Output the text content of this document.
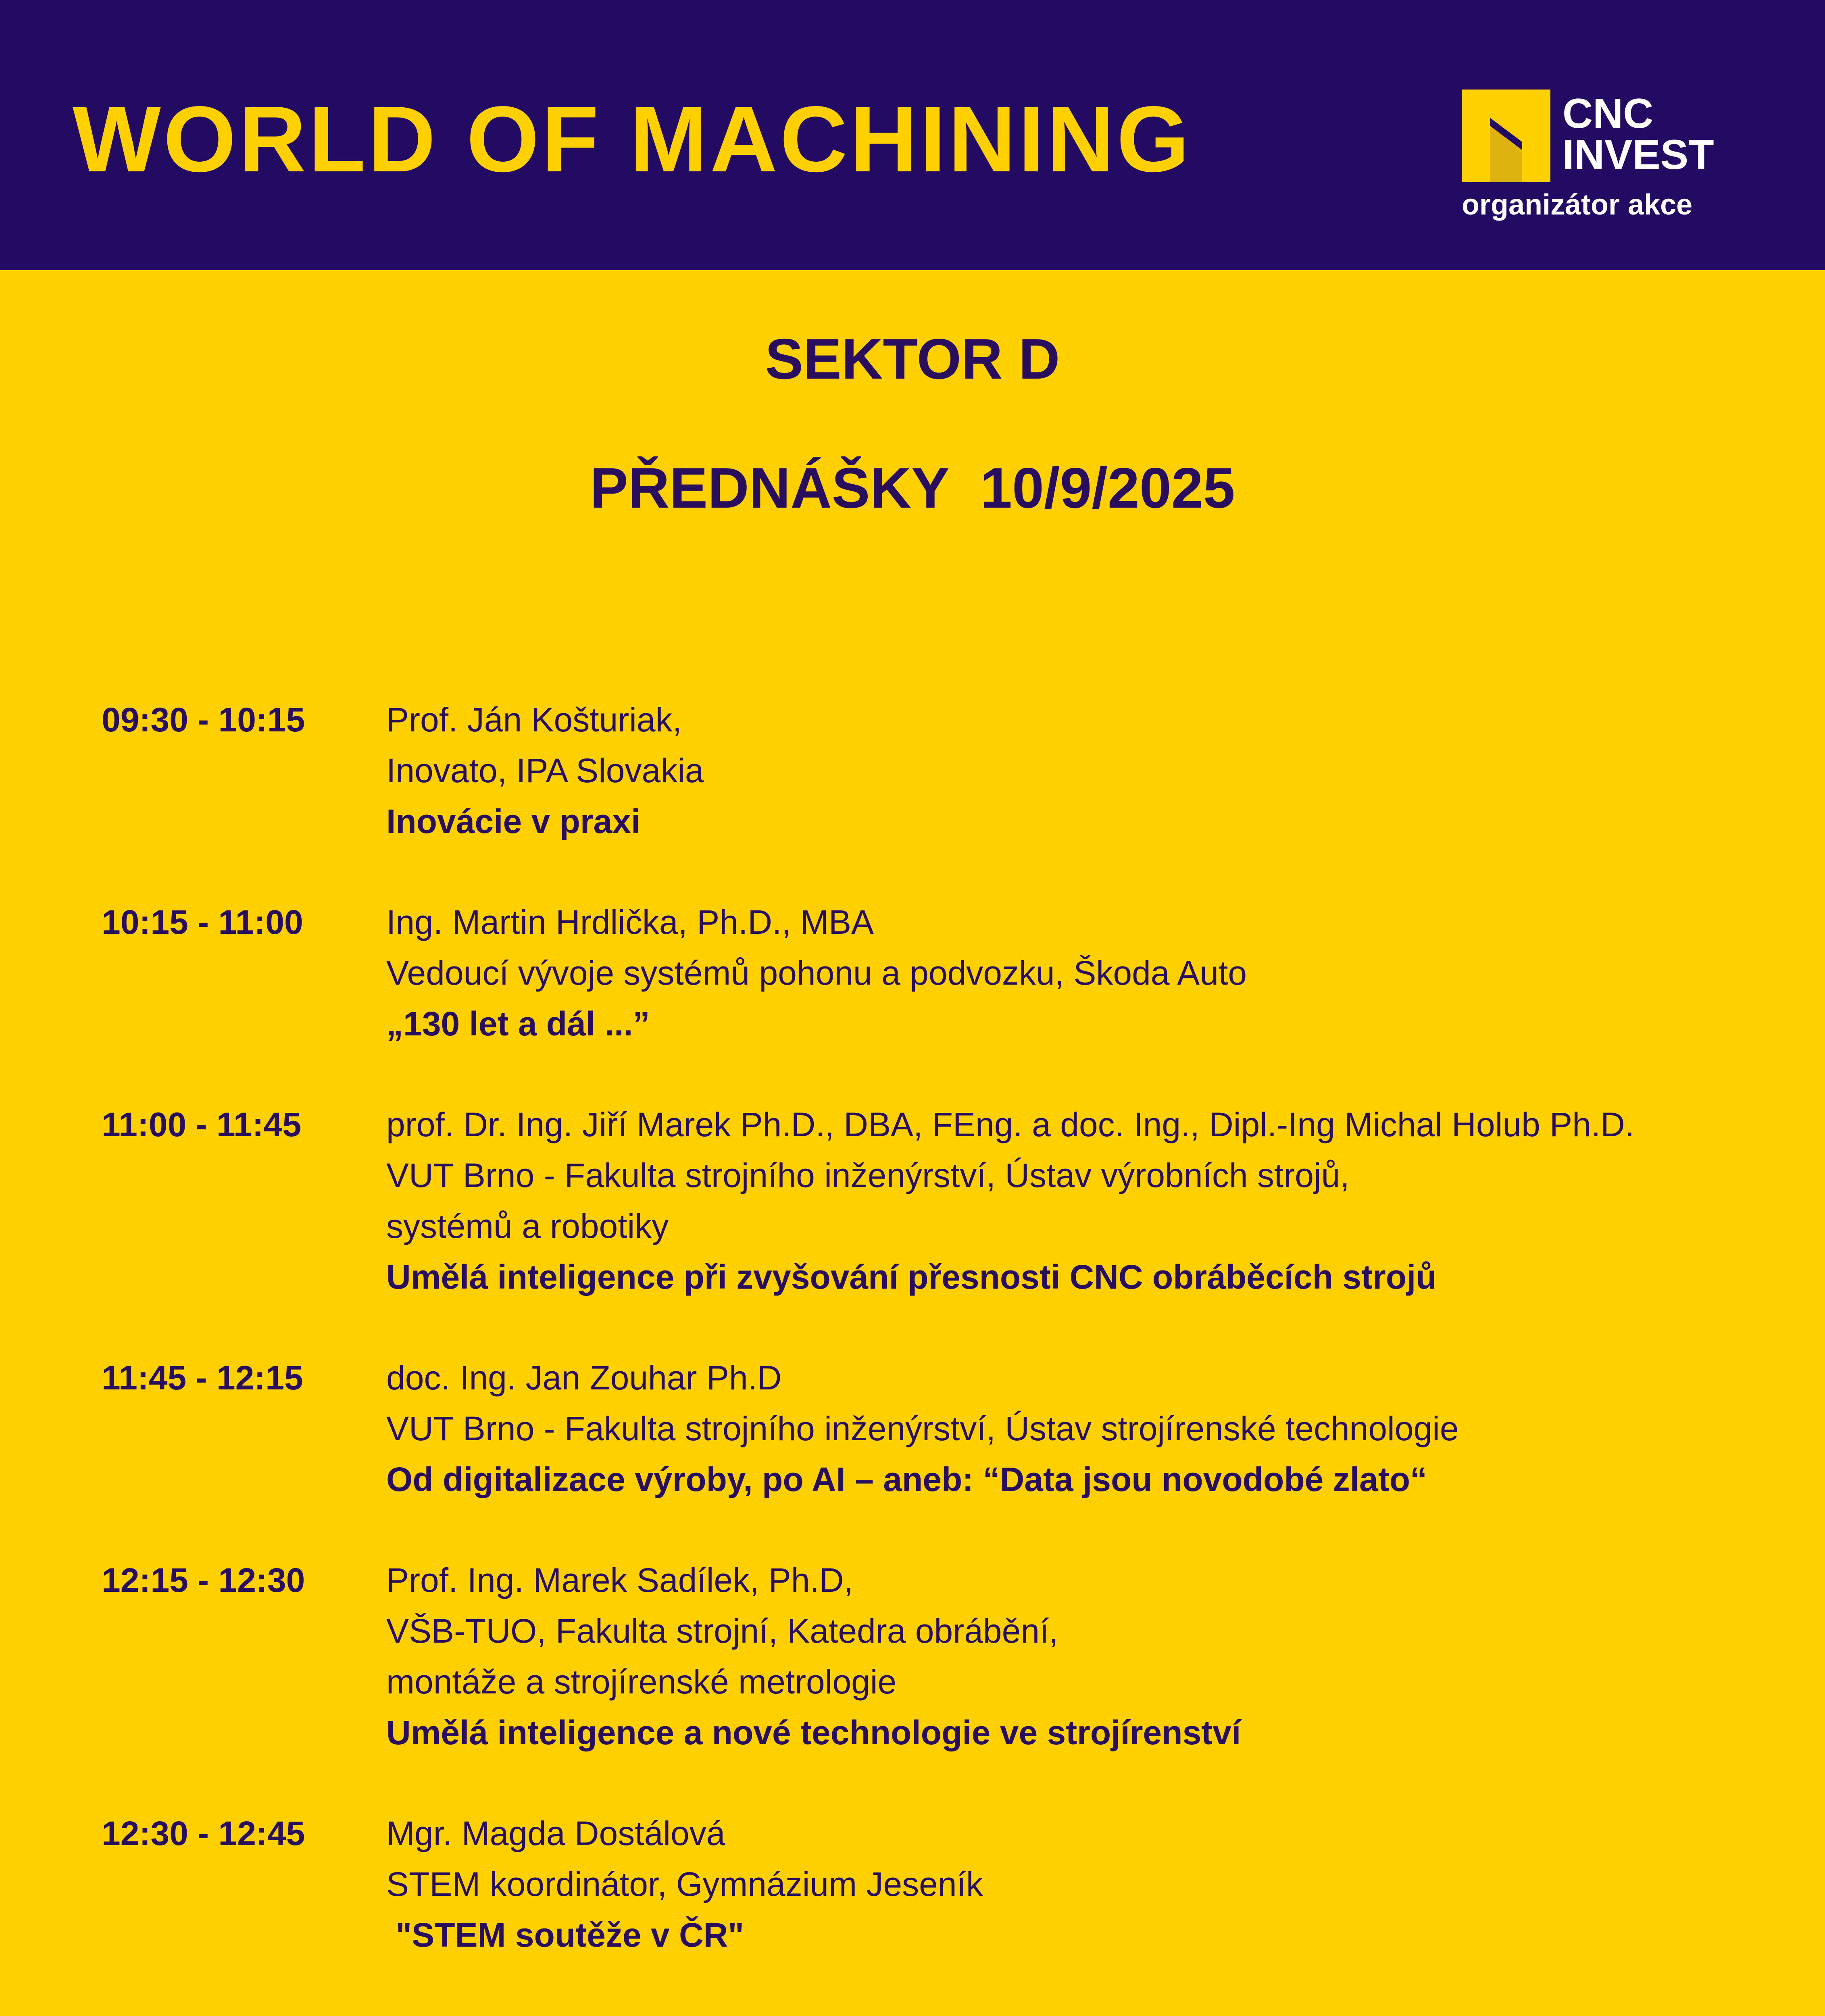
WORLD OF MACHINING	CNC
INVEST
organizátor akce
SEKTOR D
PŘEDNÁŠKY  10/9/2025
09:30 - 10:15 Prof. Ján Košturiak,
Inovato, IPA Slovakia
Inovácie v praxi
10:15 - 11:00 Ing. Martin Hrdlička, Ph.D., MBA
Vedoucí vývoje systémů pohonu a podvozku, Škoda Auto
„130 let a dál ...”
11:00 - 11:45	prof. Dr. Ing. Jiří Marek Ph.D., DBA, FEng. a doc. Ing., Dipl.-Ing Michal Holub Ph.D.
VUT Brno - Fakulta strojního inženýrství, Ústav výrobních strojů,
systémů a robotiky
Umělá inteligence při zvyšování přesnosti CNC obráběcích strojů
11:45 - 12:15 doc. Ing. Jan Zouhar Ph.D
VUT Brno - Fakulta strojního inženýrství, Ústav strojírenské technologie
Od digitalizace výroby, po AI – aneb: “Data jsou novodobé zlato“
12:15 - 12:30 Prof. Ing. Marek Sadílek, Ph.D,
VŠB-TUO, Fakulta strojní, Katedra obrábění,
montáže a strojírenské metrologie
Umělá inteligence a nové technologie ve strojírenství
12:30 - 12:45 Mgr. Magda Dostálová
STEM koordinátor, Gymnázium Jeseník
"STEM soutěže v ČR"
